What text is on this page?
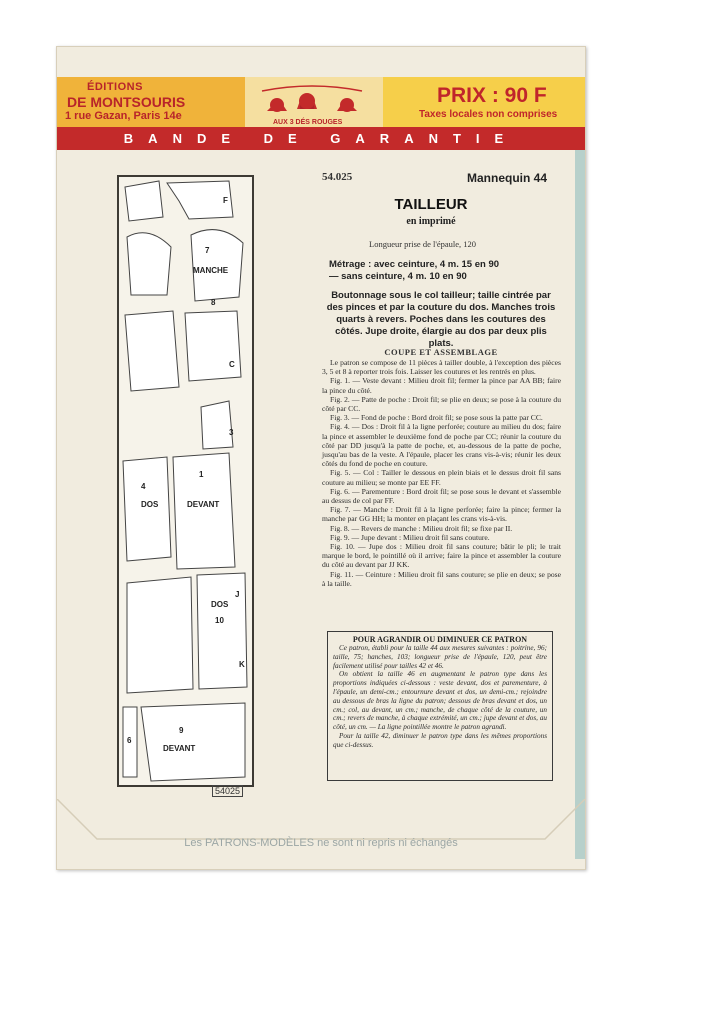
ÉDITIONS
DE MONTSOURIS
1 rue Gazan, Paris 14e
AUX 3 DÉS ROUGES
PRIX : 90 F
Taxes locales non comprises
BANDE DE GARANTIE
7
MANCHE
8
4
DOS
1
DEVANT
DOS
10
9
DEVANT
F
C
3
K
J
6
54025
54.025	Mannequin 44
TAILLEUR
en imprimé
Longueur prise de l'épaule, 120
Métrage : avec ceinture, 4 m. 15 en 90
— sans ceinture, 4 m. 10 en 90
Boutonnage sous le col tailleur; taille cintrée par des pinces et par la couture du dos. Manches trois quarts à revers. Poches dans les coutures des côtés. Jupe droite, élargie au dos par deux plis plats.
COUPE ET ASSEMBLAGE

Le patron se compose de 11 pièces à tailler double, à l'exception des pièces 3, 5 et 8 à reporter trois fois. Laisser les coutures et les rentrés en plus.

Fig. 1. — Veste devant : Milieu droit fil; fermer la pince par AA BB; faire la pince du côté.

Fig. 2. — Patte de poche : Droit fil; se plie en deux; se pose à la couture du côté par CC.

Fig. 3. — Fond de poche : Bord droit fil; se pose sous la patte par CC.

Fig. 4. — Dos : Droit fil à la ligne perforée; couture au milieu du dos; faire la pince et assembler le deuxième fond de poche par CC; réunir la couture du côté par DD jusqu'à la patte de poche, et, au-dessous de la patte de poche, jusqu'au bas de la veste. A l'épaule, placer les crans vis-à-vis; réunir les deux côtés du fond de poche en couture.

Fig. 5. — Col : Tailler le dessous en plein biais et le dessus droit fil sans couture au milieu; se monte par EE FF.

Fig. 6. — Parementure : Bord droit fil; se pose sous le devant et s'assemble au dessus de col par FF.

Fig. 7. — Manche : Droit fil à la ligne perforée; faire la pince; fermer la manche par GG HH; la monter en plaçant les crans vis-à-vis.

Fig. 8. — Revers de manche : Milieu droit fil; se fixe par II.

Fig. 9. — Jupe devant : Milieu droit fil sans couture.

Fig. 10. — Jupe dos : Milieu droit fil sans couture; bâtir le pli; le trait marque le bord, le pointillé où il arrive; faire la pince et assembler la couture du côté au devant par JJ KK.

Fig. 11. — Ceinture : Milieu droit fil sans couture; se plie en deux; se pose à la taille.

POUR AGRANDIR OU DIMINUER CE PATRON

Ce patron, établi pour la taille 44 aux mesures suivantes : poitrine, 96; taille, 75; hanches, 103; longueur prise de l'épaule, 120, peut être facilement utilisé pour tailles 42 et 46.

On obtient la taille 46 en augmentant le patron type dans les proportions indiquées ci-dessous : veste devant, dos et parementure, à l'épaule, un demi-cm.; entournure devant et dos, un demi-cm.; rejoindre au dessous de bras la ligne du patron; dessous de bras devant et dos, un cm.; col, au devant, un cm.; manche, de chaque côté de la couture, un cm.; revers de manche, à chaque extrémité, un cm.; jupe devant et dos, au côté, un cm. — La ligne pointillée montre le patron agrandi.

Pour la taille 42, diminuer le patron type dans les mêmes proportions que ci-dessus.

Les PATRONS-MODÈLES ne sont ni repris ni échangés
